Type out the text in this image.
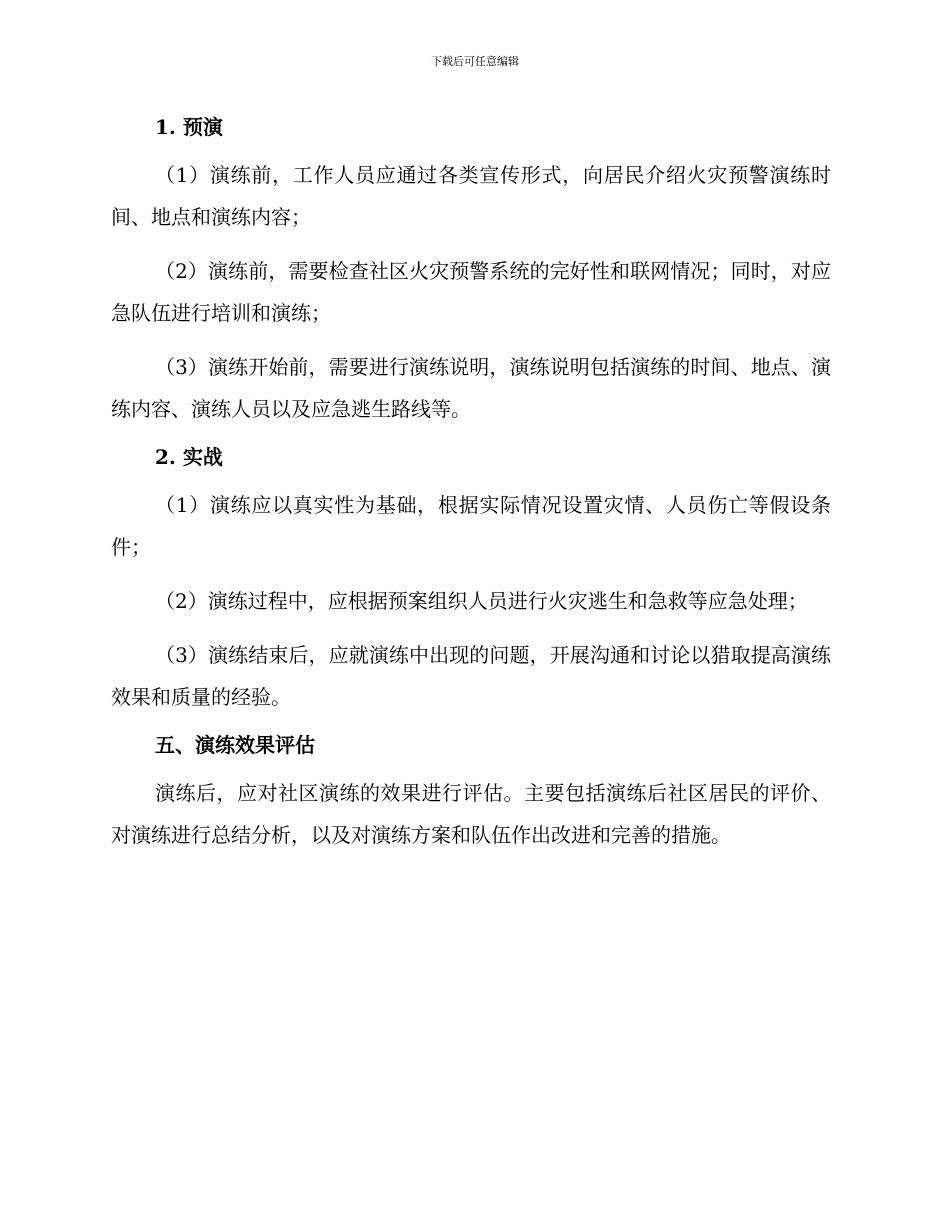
下载后可任意编辑
1. 预演

（1）演练前，工作人员应通过各类宣传形式，向居民介绍火灾预警演练时间、地点和演练内容；

（2）演练前，需要检查社区火灾预警系统的完好性和联网情况；同时，对应急队伍进行培训和演练；

（3）演练开始前，需要进行演练说明，演练说明包括演练的时间、地点、演练内容、演练人员以及应急逃生路线等。

2. 实战

（1）演练应以真实性为基础，根据实际情况设置灾情、人员伤亡等假设条件；

（2）演练过程中，应根据预案组织人员进行火灾逃生和急救等应急处理；

（3）演练结束后，应就演练中出现的问题，开展沟通和讨论以猎取提高演练效果和质量的经验。

五、演练效果评估

演练后，应对社区演练的效果进行评估。主要包括演练后社区居民的评价、对演练进行总结分析，以及对演练方案和队伍作出改进和完善的措施。
